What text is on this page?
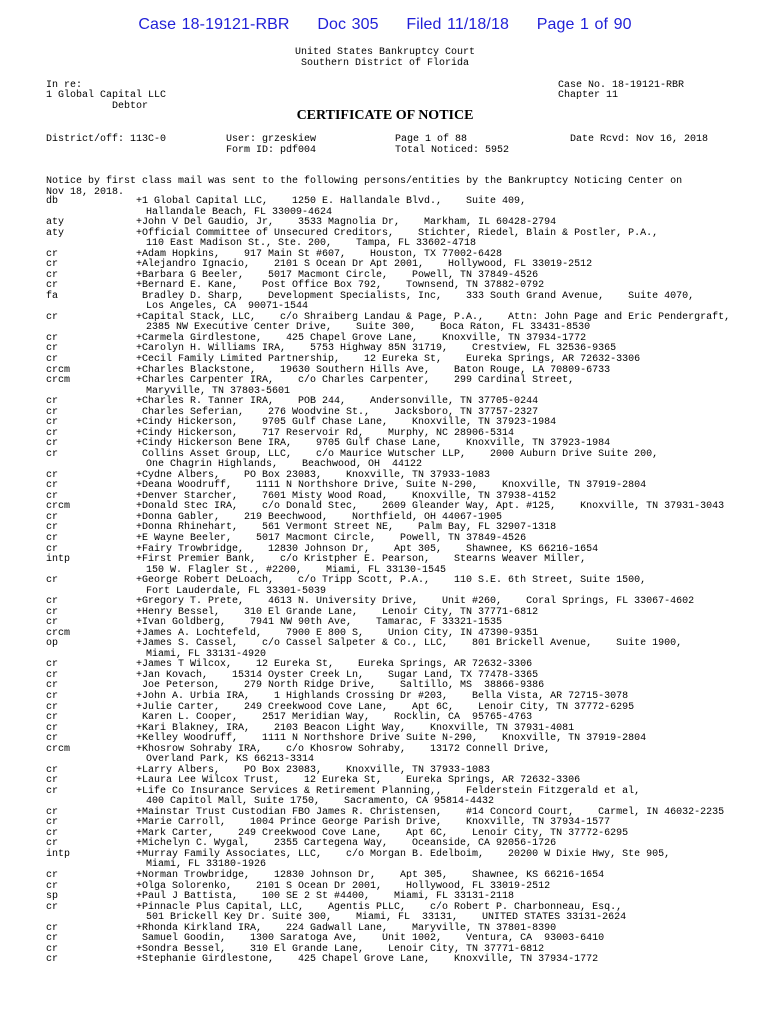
Case 18-19121-RBR Doc 305 Filed 11/18/18 Page 1 of 90
United States Bankruptcy Court
Southern District of Florida
In re:
1 Global Capital LLC
Debtor
Case No. 18-19121-RBR
Chapter 11
CERTIFICATE OF NOTICE
District/off: 113C-0	User: grzeskiew
Form ID: pdf004
Page 1 of 88
Total Noticed: 5952
Date Rcvd: Nov 16, 2018
Notice by first class mail was sent to the following persons/entities by the Bankruptcy Noticing Center on
Nov 18, 2018.
db	+1 Global Capital LLC,    1250 E. Hallandale Blvd.,    Suite 409,
Hallandale Beach, FL 33009-4624
aty	+John V Del Gaudio, Jr,    3533 Magnolia Dr,    Markham, IL 60428-2794
aty	+Official Committee of Unsecured Creditors,    Stichter, Riedel, Blain & Postler, P.A.,
110 East Madison St., Ste. 200,    Tampa, FL 33602-4718
cr	+Adam Hopkins,    917 Main St #607,    Houston, TX 77002-6428
cr	+Alejandro Ignacio,    2101 S Ocean Dr Apt 2001,    Hollywood, FL 33019-2512
cr	+Barbara G Beeler,    5017 Macmont Circle,    Powell, TN 37849-4526
cr	+Bernard E. Kane,    Post Office Box 792,    Townsend, TN 37882-0792
fa	Bradley D. Sharp,    Development Specialists, Inc,    333 South Grand Avenue,    Suite 4070,
Los Angeles, CA  90071-1544
cr	+Capital Stack, LLC,    c/o Shraiberg Landau & Page, P.A.,    Attn: John Page and Eric Pendergraft,
2385 NW Executive Center Drive,    Suite 300,    Boca Raton, FL 33431-8530
cr	+Carmela Girdlestone,    425 Chapel Grove Lane,    Knoxville, TN 37934-1772
cr	+Carolyn H. Williams IRA,    5753 Highway 85N 31719,    Crestview, FL 32536-9365
cr	+Cecil Family Limited Partnership,    12 Eureka St,    Eureka Springs, AR 72632-3306
crcm	+Charles Blackstone,    19630 Southern Hills Ave,    Baton Rouge, LA 70809-6733
crcm	+Charles Carpenter IRA,    c/o Charles Carpenter,    299 Cardinal Street,
Maryville, TN 37803-5601
cr	+Charles R. Tanner IRA,    POB 244,    Andersonville, TN 37705-0244
cr	Charles Seferian,    276 Woodvine St.,    Jacksboro, TN 37757-2327
cr	+Cindy Hickerson,    9705 Gulf Chase Lane,    Knoxville, TN 37923-1984
cr	+Cindy Hickerson,    717 Reservoir Rd,    Murphy, NC 28906-5314
cr	+Cindy Hickerson Bene IRA,    9705 Gulf Chase Lane,    Knoxville, TN 37923-1984
cr	Collins Asset Group, LLC,    c/o Maurice Wutscher LLP,    2000 Auburn Drive Suite 200,
One Chagrin Highlands,    Beachwood, OH  44122
cr	+Cydne Albers,    PO Box 23083,    Knoxville, TN 37933-1083
cr	+Deana Woodruff,    1111 N Northshore Drive, Suite N-290,    Knoxville, TN 37919-2804
cr	+Denver Starcher,    7601 Misty Wood Road,    Knoxville, TN 37938-4152
crcm	+Donald Stec IRA,    c/o Donald Stec,    2609 Gleander Way, Apt. #125,    Knoxville, TN 37931-3043
cr	+Donna Gabler,    219 Beechwood,    Northfield, OH 44067-1905
cr	+Donna Rhinehart,    561 Vermont Street NE,    Palm Bay, FL 32907-1318
cr	+E Wayne Beeler,    5017 Macmont Circle,    Powell, TN 37849-4526
cr	+Fairy Trowbridge,    12830 Johnson Dr,    Apt 305,    Shawnee, KS 66216-1654
intp	+First Premier Bank,    c/o Kristpher E. Pearson,    Stearns Weaver Miller,
150 W. Flagler St., #2200,    Miami, FL 33130-1545
cr	+George Robert DeLoach,    c/o Tripp Scott, P.A.,    110 S.E. 6th Street, Suite 1500,
Fort Lauderdale, FL 33301-5039
cr	+Gregory T. Prete,    4613 N. University Drive,    Unit #260,    Coral Springs, FL 33067-4602
cr	+Henry Bessel,    310 El Grande Lane,    Lenoir City, TN 37771-6812
cr	+Ivan Goldberg,    7941 NW 90th Ave,    Tamarac, F 33321-1535
crcm	+James A. Lochtefeld,    7900 E 800 S,    Union City, IN 47390-9351
op	+James S. Cassel,    c/o Cassel Salpeter & Co., LLC,    801 Brickell Avenue,    Suite 1900,
Miami, FL 33131-4920
cr	+James T Wilcox,    12 Eureka St,    Eureka Springs, AR 72632-3306
cr	+Jan Kovach,    15314 Oyster Creek Ln,    Sugar Land, TX 77478-3365
cr	Joe Peterson,    279 North Ridge Drive,    Saltillo, MS  38866-9386
cr	+John A. Urbia IRA,    1 Highlands Crossing Dr #203,    Bella Vista, AR 72715-3078
cr	+Julie Carter,    249 Creekwood Cove Lane,    Apt 6C,    Lenoir City, TN 37772-6295
cr	Karen L. Cooper,    2517 Meridian Way,    Rocklin, CA  95765-4763
cr	+Kari Blakney, IRA,    2103 Beacon Light Way,    Knoxville, TN 37931-4081
cr	+Kelley Woodruff,    1111 N Northshore Drive Suite N-290,    Knoxville, TN 37919-2804
crcm	+Khosrow Sohraby IRA,    c/o Khosrow Sohraby,    13172 Connell Drive,
Overland Park, KS 66213-3314
cr	+Larry Albers,    PO Box 23083,    Knoxville, TN 37933-1083
cr	+Laura Lee Wilcox Trust,    12 Eureka St,    Eureka Springs, AR 72632-3306
cr	+Life Co Insurance Services & Retirement Planning,,    Felderstein Fitzgerald et al,
400 Capitol Mall, Suite 1750,    Sacramento, CA 95814-4432
cr	+Mainstar Trust Custodian FBO James R. Christensen,    #14 Concord Court,    Carmel, IN 46032-2235
cr	+Marie Carroll,    1004 Prince George Parish Drive,    Knoxville, TN 37934-1577
cr	+Mark Carter,    249 Creekwood Cove Lane,    Apt 6C,    Lenoir City, TN 37772-6295
cr	+Michelyn C. Wygal,    2355 Cartegena Way,    Oceanside, CA 92056-1726
intp	+Murray Family Associates, LLC,    c/o Morgan B. Edelboim,    20200 W Dixie Hwy, Ste 905,
Miami, FL 33180-1926
cr	+Norman Trowbridge,    12830 Johnson Dr,    Apt 305,    Shawnee, KS 66216-1654
cr	+Olga Solorenko,    2101 S Ocean Dr 2001,    Hollywood, FL 33019-2512
sp	+Paul J Battista,    100 SE 2 St #4400,    Miami, FL 33131-2118
cr	+Pinnacle Plus Capital, LLC,    Agentis PLLC,    c/o Robert P. Charbonneau, Esq.,
501 Brickell Key Dr. Suite 300,    Miami, FL  33131,    UNITED STATES 33131-2624
cr	+Rhonda Kirkland IRA,    224 Gadwall Lane,    Maryville, TN 37801-8390
cr	Samuel Goodin,    1300 Saratoga Ave,    Unit 1002,    Ventura, CA  93003-6410
cr	+Sondra Bessel,    310 El Grande Lane,    Lenoir City, TN 37771-6812
cr	+Stephanie Girdlestone,    425 Chapel Grove Lane,    Knoxville, TN 37934-1772
